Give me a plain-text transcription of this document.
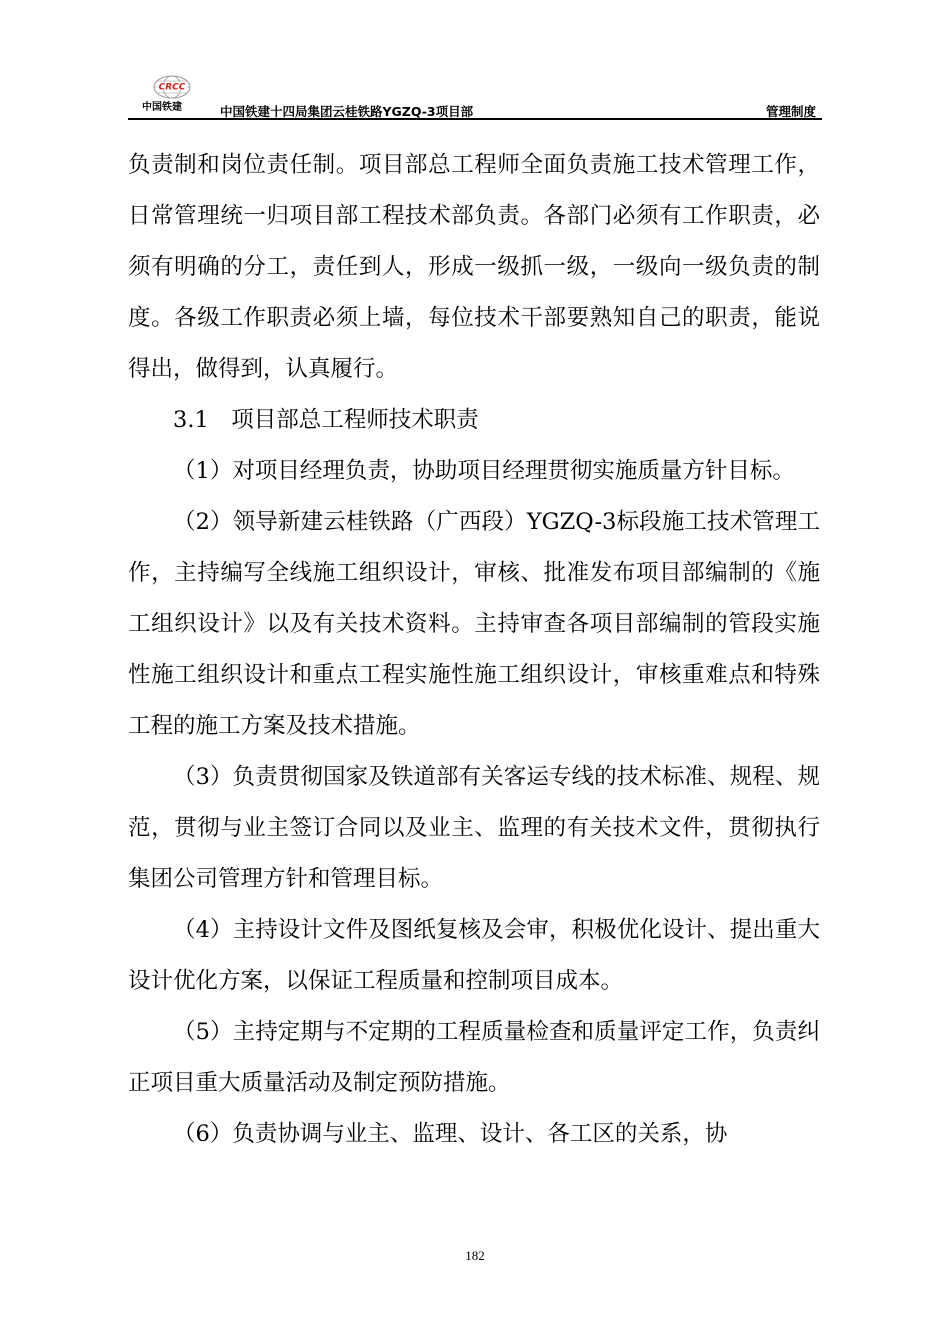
CRCC
中国铁建	中国铁建十四局集团云桂铁路YGZQ-3项目部	管理制度

负责制和岗位责任制。项目部总工程师全面负责施工技术管理工作，日常管理统一归项目部工程技术部负责。各部门必须有工作职责，必须有明确的分工，责任到人，形成一级抓一级，一级向一级负责的制度。各级工作职责必须上墙，每位技术干部要熟知自己的职责，能说得出，做得到，认真履行。

3.1　项目部总工程师技术职责

（1）对项目经理负责，协助项目经理贯彻实施质量方针目标。

（2）领导新建云桂铁路（广西段）YGZQ-3标段施工技术管理工作，主持编写全线施工组织设计，审核、批准发布项目部编制的《施工组织设计》以及有关技术资料。主持审查各项目部编制的管段实施性施工组织设计和重点工程实施性施工组织设计，审核重难点和特殊工程的施工方案及技术措施。

（3）负责贯彻国家及铁道部有关客运专线的技术标准、规程、规范，贯彻与业主签订合同以及业主、监理的有关技术文件，贯彻执行集团公司管理方针和管理目标。

（4）主持设计文件及图纸复核及会审，积极优化设计、提出重大设计优化方案，以保证工程质量和控制项目成本。

（5）主持定期与不定期的工程质量检查和质量评定工作，负责纠正项目重大质量活动及制定预防措施。

（6）负责协调与业主、监理、设计、各工区的关系，协

182
